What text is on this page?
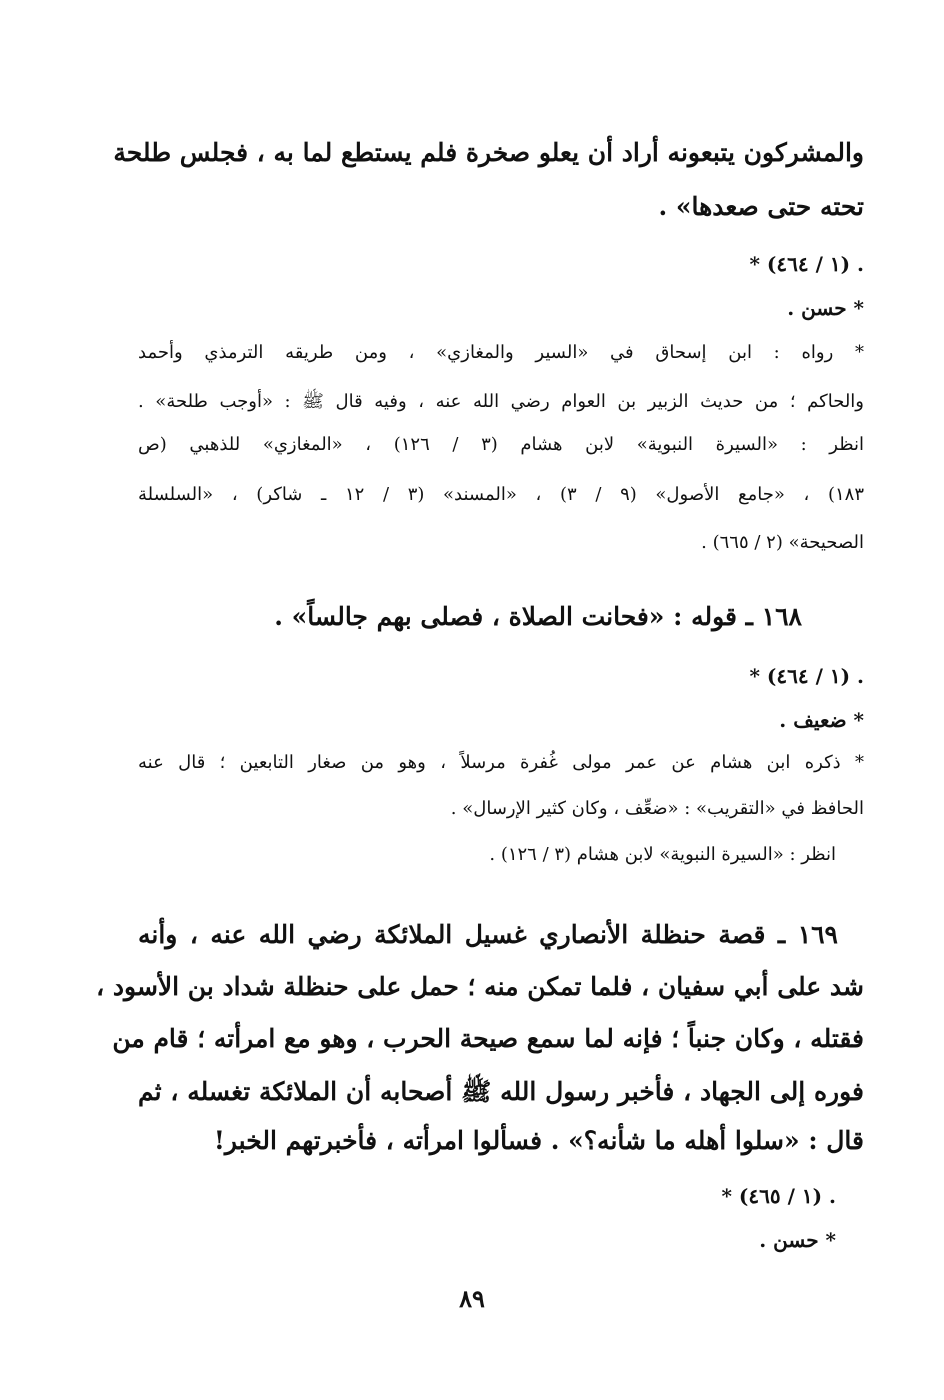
والمشركون يتبعونه أراد أن يعلو صخرة فلم يستطع لما به ، فجلس طلحة
تحته حتى صعدها» .
* (١ / ٤٦٤) .
* حسن .
* رواه : ابن إسحاق في «السير والمغازي» ، ومن طريقه الترمذي وأحمد
والحاكم ؛ من حديث الزبير بن العوام رضي الله عنه ، وفيه قال ﷺ : «أوجب طلحة» .
انظر : «السيرة النبوية» لابن هشام (٣ / ١٢٦) ، «المغازي» للذهبي (ص
١٨٣) ، «جامع الأصول» (٩ / ٣) ، «المسند» (٣ / ١٢ ـ شاكر) ، «السلسلة
الصحيحة» (٢ / ٦٦٥) .
١٦٨ ـ قوله : «فحانت الصلاة ، فصلى بهم جالساً» .
* (١ / ٤٦٤) .
* ضعيف .
* ذكره ابن هشام عن عمر مولى غُفرة مرسلاً ، وهو من صغار التابعين ؛ قال عنه
الحافظ في «التقريب» : «ضعِّف ، وكان كثير الإرسال» .
انظر : «السيرة النبوية» لابن هشام (٣ / ١٢٦) .
١٦٩ ـ قصة حنظلة الأنصاري غسيل الملائكة رضي الله عنه ، وأنه
شد على أبي سفيان ، فلما تمكن منه ؛ حمل على حنظلة شداد بن الأسود ،
فقتله ، وكان جنباً ؛ فإنه لما سمع صيحة الحرب ، وهو مع امرأته ؛ قام من
فوره إلى الجهاد ، فأخبر رسول الله ﷺ أصحابه أن الملائكة تغسله ، ثم
قال : «سلوا أهله ما شأنه؟» . فسألوا امرأته ، فأخبرتهم الخبر!
* (١ / ٤٦٥) .
* حسن .
٨٩
